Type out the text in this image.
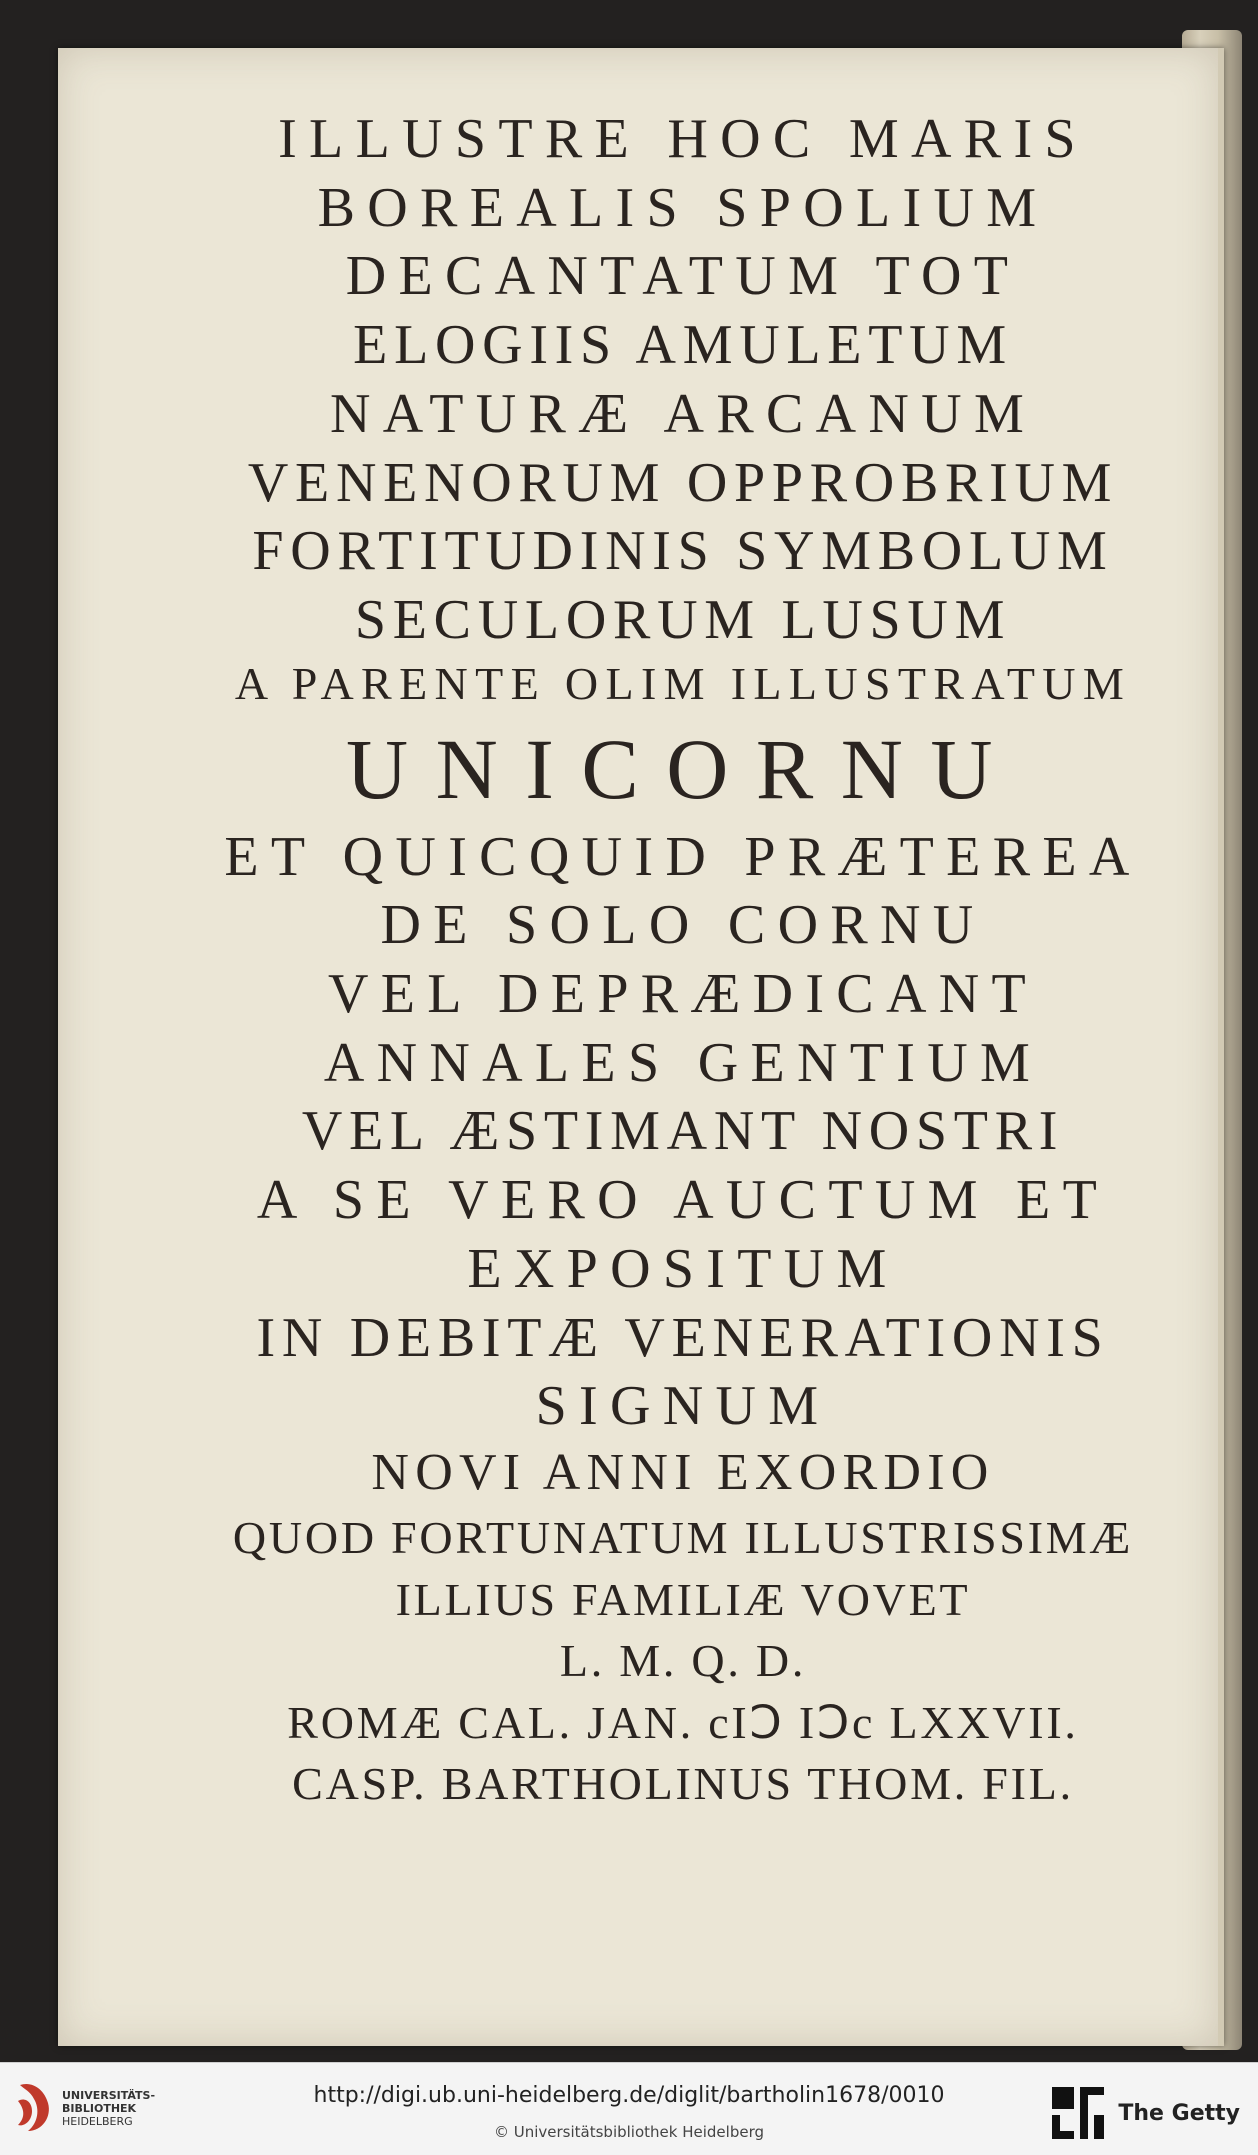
ILLUSTRE HOC MARIS
BOREALIS SPOLIUM
DECANTATUM TOT
ELOGIIS AMULETUM
NATURÆ ARCANUM
VENENORUM OPPROBRIUM
FORTITUDINIS SYMBOLUM
SECULORUM LUSUM
A PARENTE OLIM ILLUSTRATUM
UNICORNU
ET QUICQUID PRÆTEREA
DE SOLO CORNU
VEL DEPRÆDICANT
ANNALES GENTIUM
VEL ÆSTIMANT NOSTRI
A SE VERO AUCTUM ET
EXPOSITUM
IN DEBITÆ VENERATIONIS
SIGNUM
NOVI ANNI EXORDIO
QUOD FORTUNATUM ILLUSTRISSIMÆ
ILLIUS FAMILIÆ VOVET
L. M. Q. D.
ROMÆ CAL. JAN. cIↃ IↃc LXXVII.
CASP. BARTHOLINUS THOM. FIL.
UNIVERSITÄTS-
BIBLIOTHEK
HEIDELBERG
http://digi.ub.uni-heidelberg.de/diglit/bartholin1678/0010
© Universitätsbibliothek Heidelberg
The Getty
